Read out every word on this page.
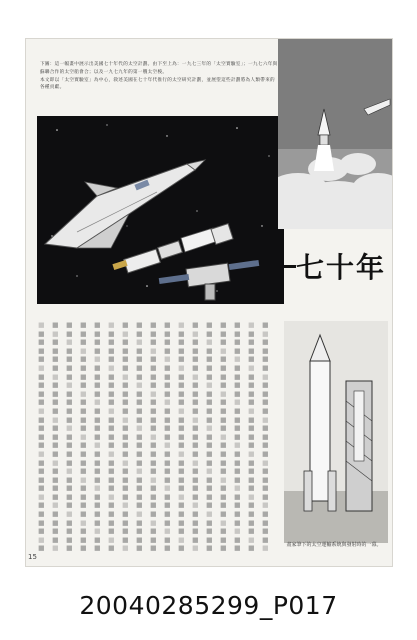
下圖：這一幅畫中展示出美國七十年代的太空計劃。由下至上為：一九七三年的「太空實驗室」；一九七六年與蘇聯合作的太空船會合；以及一九七九年的第一艘太空梭。

本文即以「太空實驗室」為中心，敘述美國在七十年代推行的太空研究計劃，並展望這些計劃將為人類帶來的各種貢獻。

七十年
■
■
■
■
■
■
■
■
■
■
■
■
■
■
■
■
■
■
■
■
■
■
■
■
■
■
■
■
■
■
■
■
■
■
■
■
■
■
■
■
■
■
■
■
■
■
■
■
■
■
■
■
■
■
■
■
■
■
■
■
■
■
■
■
■
■
■
■
■
■
■
■
■
■
■
■
■
■
■
■
■
■
■
■
■
■
■
■
■
■
■
■
■
■
■
■
■
■
■
■
■
■
■
■
■
■
■
■
■
■
■
■
■
■
■
■
■
■
■
■
■
■
■
■
■
■
■
■
■
■
■
■
■
■
■
■
■
■
■
■
■
■
■
■
■
■
■
■
■
■
■
■
■
■
■
■
■
■
■
■
■
■
■
■
■
■
■
■
■
■
■
■
■
■
■
■
■
■
■
■
■
■
■
■
■
■
■
■
■
■
■
■
■
■
■
■
■
■
■
■
■
■
■
■
■
■
■
■
■
■
■
■
■
■
■
■
■
■
■
■
■
■
■
■
■
■
■
■
■
■
■
■
■
■
■
■
■
■
■
■
■
■
■
■
■
■
■
■
■
■
■
■
■
■
■
■
■
■
■
■
■
■
■
■
■
■
■
■
■
■
■
■
■
■
■
■
■
■
■
■
■
■
■
■
■
■
■
■
■
■
■
■
■
■
■
■
■
■
■
■
■
■
■
■
■
■
■
■
■
■
■
■
■
■
■
■
■
■
■
■
■
■
■
■
■
■
■
■
■
■
■
■
■
■
■
■
■
■
■
■
■
■
■
■
■
■
■
■
■
■
■
■
■
■
■
■
■
■
■
■
■
■
■
■
■
■
■
■
■
■
■
■
■
■
■
■
■
■
■
■
■
■
■
■
■
■
■
■
■
■
■
■
■
■
■
■
■
■
■
■
■
■
■
■
■
■
■
■
■
■
■
■
■
■
■
■
■
■
■
■
■
■
■
■
■
■
■
■
■
■
■
■
■
■
■
■
■
■
■
■
■
■
■
■
■
■
■
■
■
■
■
■
■
■
■
■
■
■
■	畫家筆下的太空運輸系統與發射時的一幕。
15
20040285299_P017
